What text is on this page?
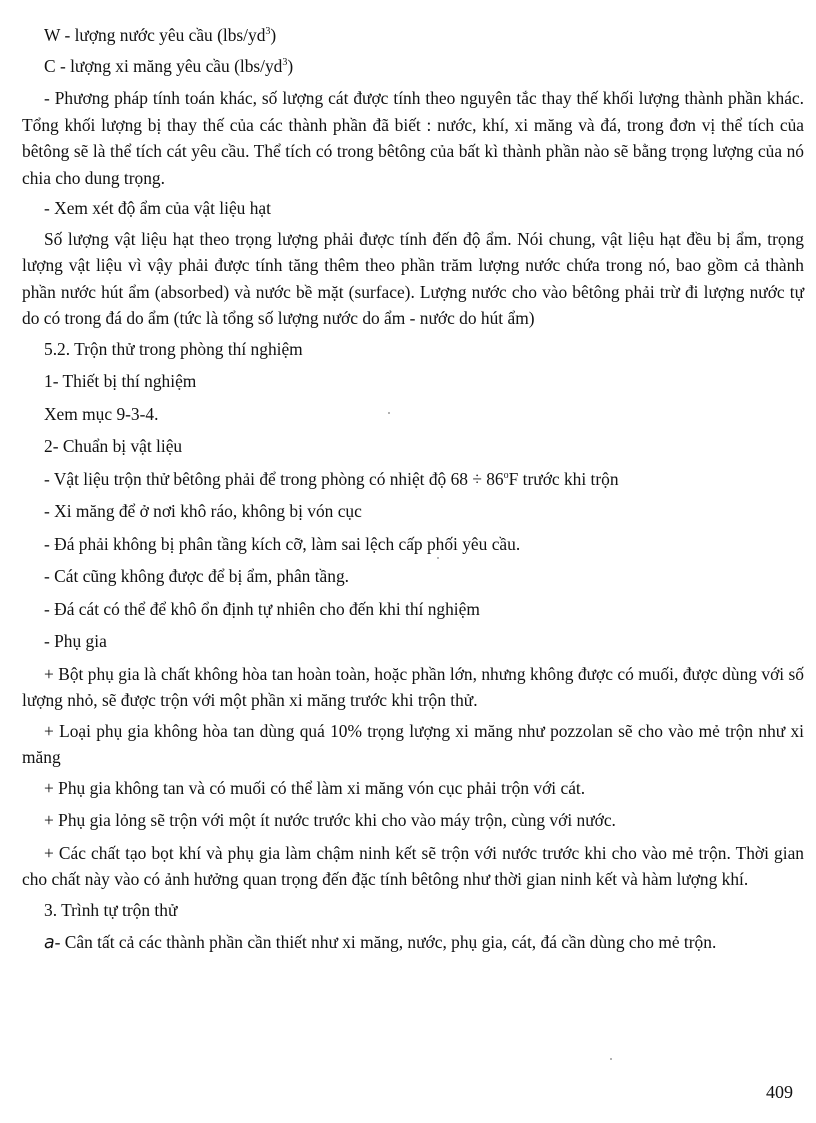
W - lượng nước yêu cầu $(lbs/yd^3)$
C - lượng xi măng yêu cầu $(lbs/yd^3)$
- Phương pháp tính toán khác, số lượng cát được tính theo nguyên tắc thay thế khối lượng thành phần khác. Tổng khối lượng bị thay thế của các thành phần đã biết : nước, khí, xi măng và đá, trong đơn vị thể tích của bêtông sẽ là thể tích cát yêu cầu. Thể tích có trong bêtông của bất kì thành phần nào sẽ bằng trọng lượng của nó chia cho dung trọng.
- Xem xét độ ẩm của vật liệu hạt
Số lượng vật liệu hạt theo trọng lượng phải được tính đến độ ẩm. Nói chung, vật liệu hạt đều bị ẩm, trọng lượng vật liệu vì vậy phải được tính tăng thêm theo phần trăm lượng nước chứa trong nó, bao gồm cả thành phần nước hút ẩm (absorbed) và nước bề mặt (surface). Lượng nước cho vào bêtông phải trừ đi lượng nước tự do có trong đá do ẩm (tức là tổng số lượng nước do ẩm - nước do hút ẩm)
5.2. Trộn thử trong phòng thí nghiệm
1- Thiết bị thí nghiệm
Xem mục 9-3-4.
2- Chuẩn bị vật liệu
- Vật liệu trộn thử bêtông phải để trong phòng có nhiệt độ $68 \div 86^oF$ trước khi trộn
- Xi măng để ở nơi khô ráo, không bị vón cục
- Đá phải không bị phân tầng kích cỡ, làm sai lệch cấp phối yêu cầu.
- Cát cũng không được để bị ẩm, phân tầng.
- Đá cát có thể để khô ổn định tự nhiên cho đến khi thí nghiệm
- Phụ gia
+ Bột phụ gia là chất không hòa tan hoàn toàn, hoặc phần lớn, nhưng không được có muối, được dùng với số lượng nhỏ, sẽ được trộn với một phần xi măng trước khi trộn thử.
+ Loại phụ gia không hòa tan dùng quá 10% trọng lượng xi măng như pozzolan sẽ cho vào mẻ trộn như xi măng
+ Phụ gia không tan và có muối có thể làm xi măng vón cục phải trộn với cát.
+ Phụ gia lỏng sẽ trộn với một ít nước trước khi cho vào máy trộn, cùng với nước.
+ Các chất tạo bọt khí và phụ gia làm chậm ninh kết sẽ trộn với nước trước khi cho vào mẻ trộn. Thời gian cho chất này vào có ảnh hưởng quan trọng đến đặc tính bêtông như thời gian ninh kết và hàm lượng khí.
3. Trình tự trộn thử
a- Cân tất cả các thành phần cần thiết như xi măng, nước, phụ gia, cát, đá cần dùng cho mẻ trộn.
409
